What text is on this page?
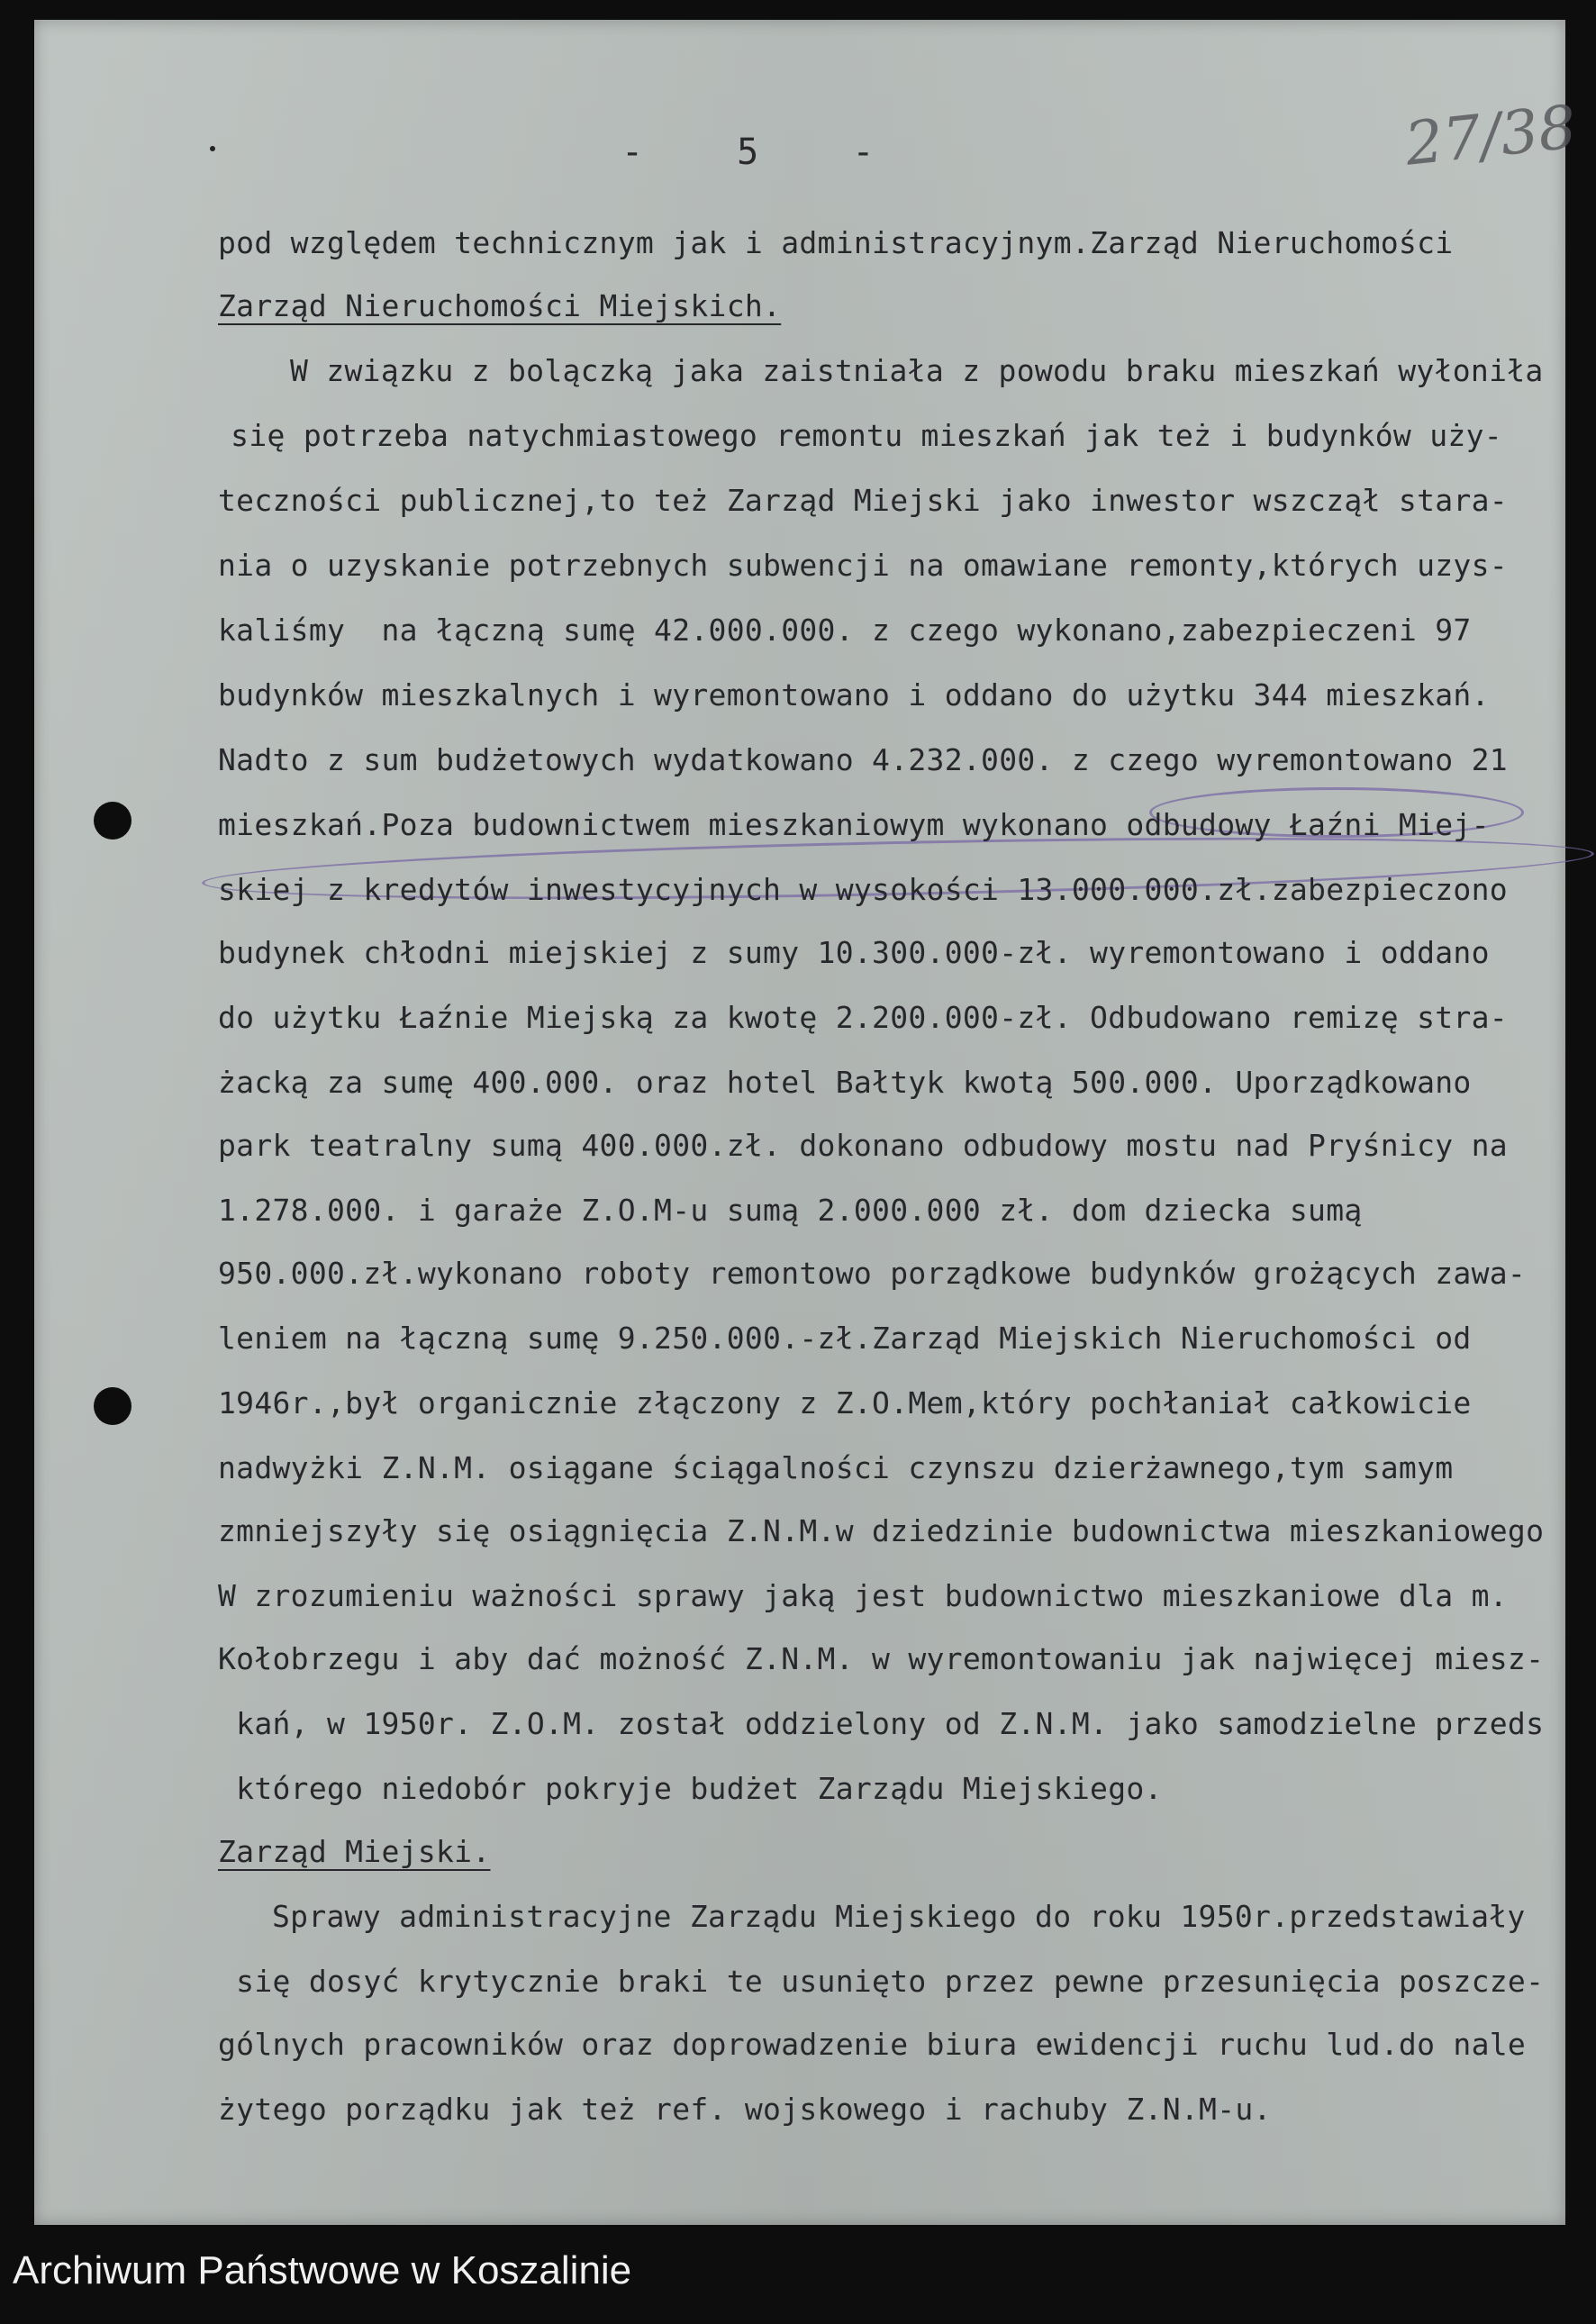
- 5 -	27/38
pod względem technicznym jak i administracyjnym.Zarząd Nieruchomości
Zarząd Nieruchomości Miejskich.
W związku z bolączką jaka zaistniała z powodu braku mieszkań wyłoniła
się potrzeba natychmiastowego remontu mieszkań jak też i budynków uży-
teczności publicznej,to też Zarząd Miejski jako inwestor wszczął stara-
nia o uzyskanie potrzebnych subwencji na omawiane remonty,których uzys-
kaliśmy  na łączną sumę 42.000.000. z czego wykonano,zabezpieczeni 97
budynków mieszkalnych i wyremontowano i oddano do użytku 344 mieszkań.
Nadto z sum budżetowych wydatkowano 4.232.000. z czego wyremontowano 21
mieszkań.Poza budownictwem mieszkaniowym wykonano odbudowy Łaźni Miej-
skiej z kredytów inwestycyjnych w wysokości 13.000.000.zł.zabezpieczono
budynek chłodni miejskiej z sumy 10.300.000-zł. wyremontowano i oddano
do użytku Łaźnie Miejską za kwotę 2.200.000-zł. Odbudowano remizę stra-
żacką za sumę 400.000. oraz hotel Bałtyk kwotą 500.000. Uporządkowano
park teatralny sumą 400.000.zł. dokonano odbudowy mostu nad Pryśnicy na
1.278.000. i garaże Z.O.M-u sumą 2.000.000 zł. dom dziecka sumą
950.000.zł.wykonano roboty remontowo porządkowe budynków grożących zawa-
leniem na łączną sumę 9.250.000.-zł.Zarząd Miejskich Nieruchomości od
1946r.,był organicznie złączony z Z.O.Mem,który pochłaniał całkowicie
nadwyżki Z.N.M. osiągane ściągalności czynszu dzierżawnego,tym samym
zmniejszyły się osiągnięcia Z.N.M.w dziedzinie budownictwa mieszkaniowego
W zrozumieniu ważności sprawy jaką jest budownictwo mieszkaniowe dla m.
Kołobrzegu i aby dać możność Z.N.M. w wyremontowaniu jak najwięcej miesz-
kań, w 1950r. Z.O.M. został oddzielony od Z.N.M. jako samodzielne przeds
którego niedobór pokryje budżet Zarządu Miejskiego.
Zarząd Miejski.
Sprawy administracyjne Zarządu Miejskiego do roku 1950r.przedstawiały
się dosyć krytycznie braki te usunięto przez pewne przesunięcia poszcze-
gólnych pracowników oraz doprowadzenie biura ewidencji ruchu lud.do nale
żytego porządku jak też ref. wojskowego i rachuby Z.N.M-u.
Archiwum Państwowe w Koszalinie
